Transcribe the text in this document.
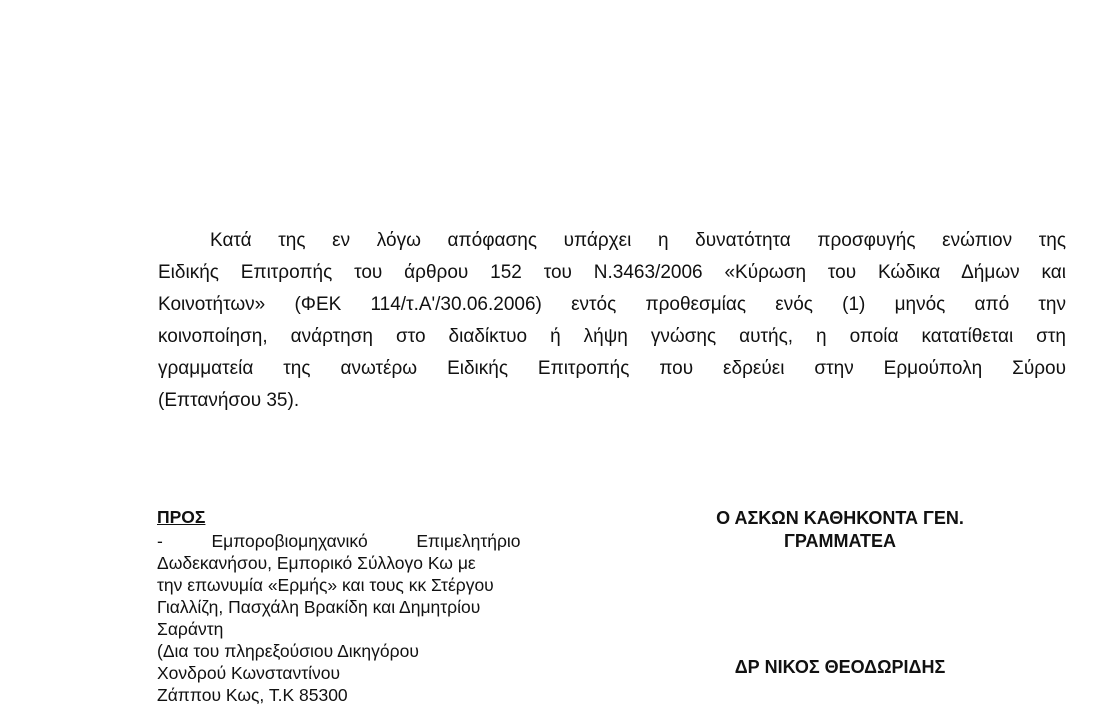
Κατά της εν λόγω απόφασης υπάρχει η δυνατότητα προσφυγής ενώπιον της
Ειδικής Επιτροπής του άρθρου 152 του Ν.3463/2006 «Κύρωση του Κώδικα Δήμων και
Κοινοτήτων» (ΦΕΚ 114/τ.Α'/30.06.2006) εντός προθεσμίας ενός (1) μηνός από την
κοινοποίηση, ανάρτηση στο διαδίκτυο ή λήψη γνώσης αυτής, η οποία κατατίθεται στη
γραμματεία της ανωτέρω Ειδικής Επιτροπής που εδρεύει στην Ερμούπολη Σύρου
(Επτανήσου 35).
ΠΡΟΣ
-          Εμποροβιομηχανικό          Επιμελητήριο
Δωδεκανήσου, Εμπορικό Σύλλογο Κω με
την επωνυμία «Ερμής» και τους κκ Στέργου
Γιαλλίζη, Πασχάλη Βρακίδη και Δημητρίου
Σαράντη
(Δια του πληρεξούσιου Δικηγόρου
Χονδρού Κωνσταντίνου
Ζάππου Κως, Τ.Κ 85300
Ο ΑΣΚΩΝ ΚΑΘΗΚΟΝΤΑ ΓΕΝ.
ΓΡΑΜΜΑΤΕΑ
ΔΡ ΝΙΚΟΣ ΘΕΟΔΩΡΙΔΗΣ
